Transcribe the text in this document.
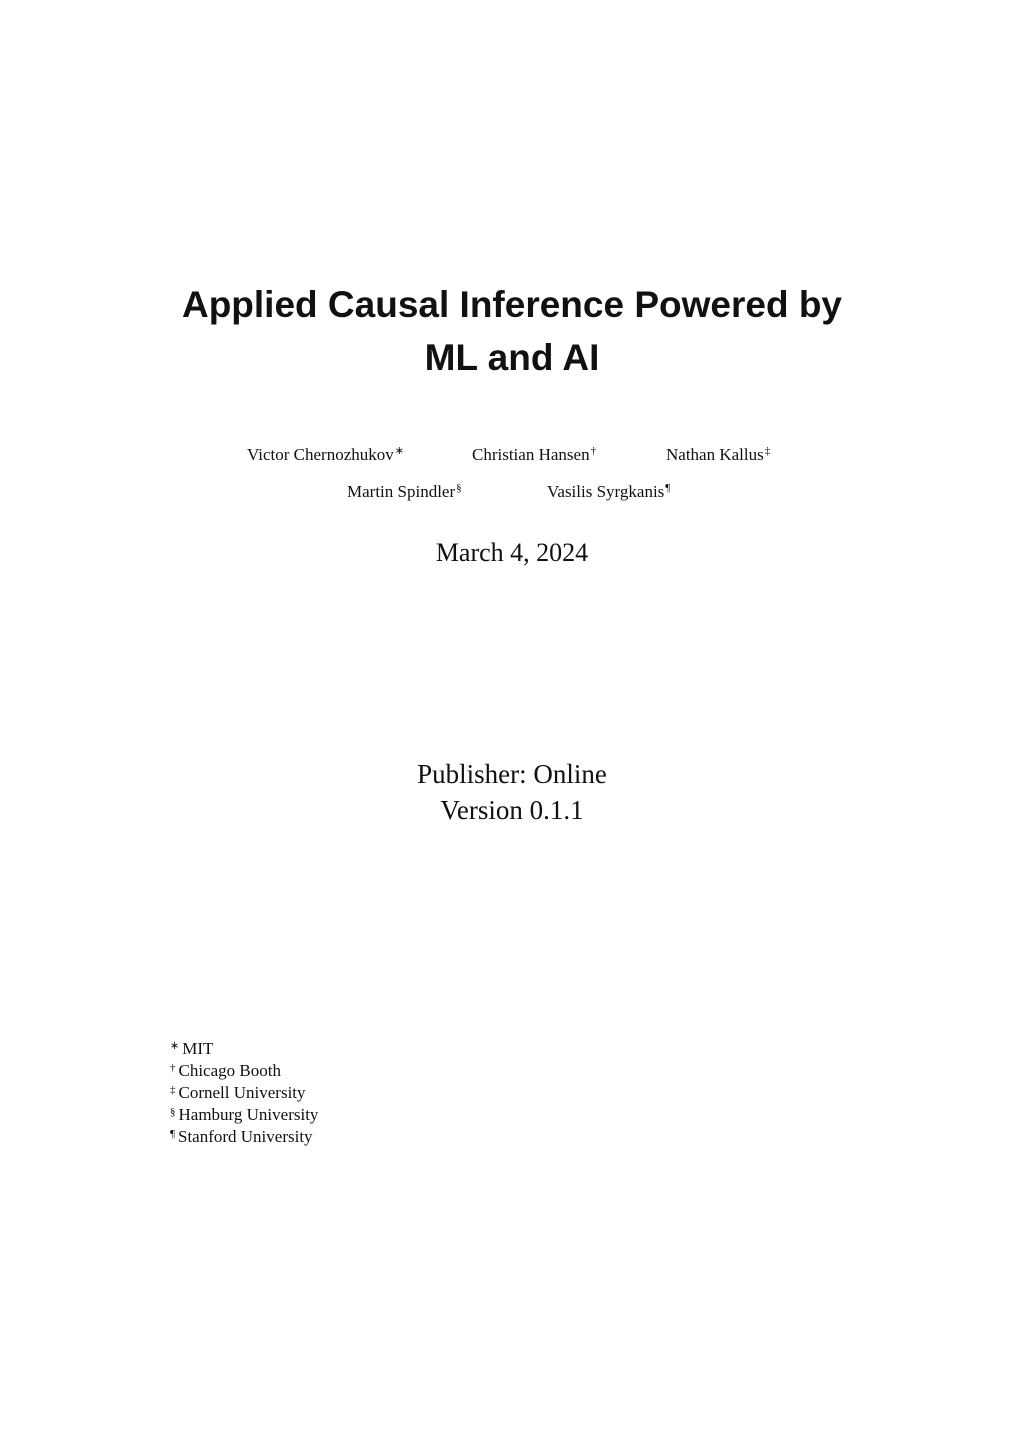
Applied Causal Inference Powered by
ML and AI
Victor Chernozhukov∗	Christian Hansen†	Nathan Kallus‡
Martin Spindler§	Vasilis Syrgkanis¶
March 4, 2024
Publisher: Online
Version 0.1.1
∗ MIT
† Chicago Booth
‡ Cornell University
§ Hamburg University
¶ Stanford University
